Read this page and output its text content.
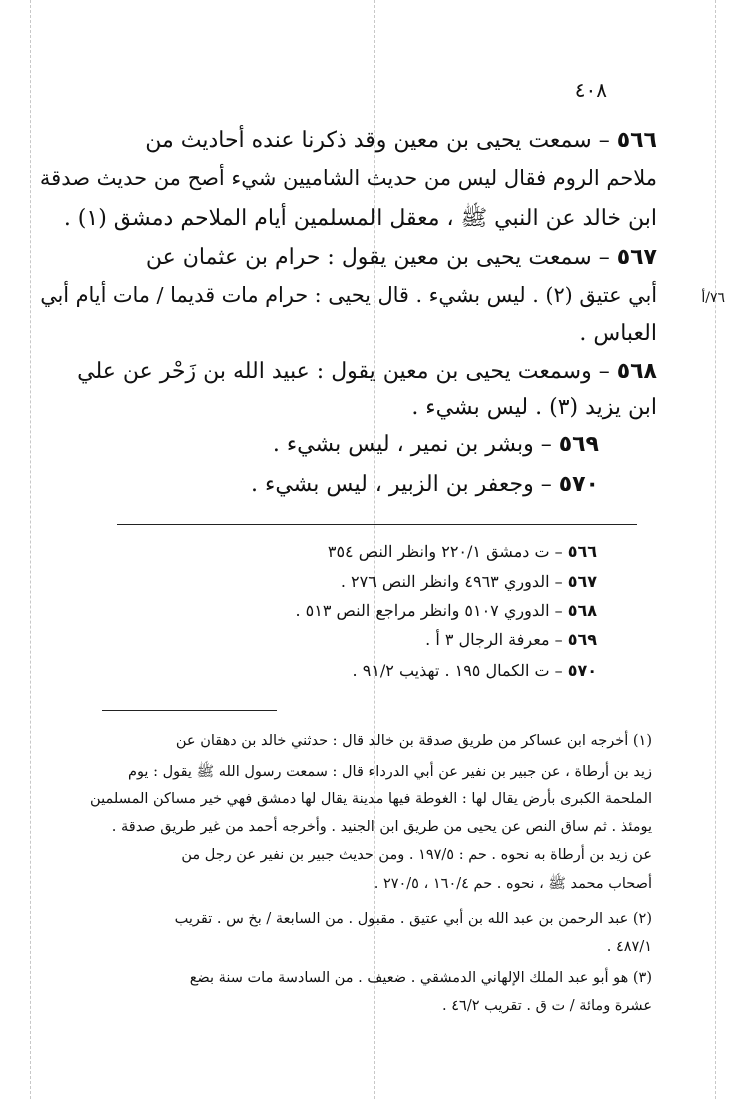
٤٠٨
٥٦٦ – سمعت يحيى بن معين وقد ذكرنا عنده أحاديث من
ملاحم الروم فقال ليس من حديث الشاميين شيء أصح من حديث صدقة
ابن خالد عن النبي ﷺ ، معقل المسلمين أيام الملاحم دمشق (١) .
٥٦٧ – سمعت يحيى بن معين يقول : حرام بن عثمان عن
٧٦/أ
أبي عتيق (٢) . ليس بشيء . قال يحيى : حرام مات قديما / مات أيام أبي
العباس .
٥٦٨ – وسمعت يحيى بن معين يقول : عبيد الله بن زَحْر عن علي
ابن يزيد (٣) . ليس بشيء .
٥٦٩ – وبشر بن نمير ، ليس بشيء .
٥٧٠ – وجعفر بن الزبير ، ليس بشيء .
٥٦٦ – ت دمشق ٢٢٠/١ وانظر النص ٣٥٤
٥٦٧ – الدوري ٤٩٦٣ وانظر النص ٢٧٦ .
٥٦٨ – الدوري ٥١٠٧ وانظر مراجع النص ٥١٣ .
٥٦٩ – معرفة الرجال ٣ أ .
٥٧٠ – ت الكمال ١٩٥ . تهذيب ٩١/٢ .
(١) أخرجه ابن عساكر من طريق صدقة بن خالد قال : حدثني خالد بن دهقان عن
زيد بن أرطاة ، عن جبير بن نفير عن أبي الدرداء قال : سمعت رسول الله ﷺ يقول : يوم
الملحمة الكبرى بأرض يقال لها : الغوطة فيها مدينة يقال لها دمشق فهي خير مساكن المسلمين
يومئذ . ثم ساق النص عن يحيى من طريق ابن الجنيد . وأخرجه أحمد من غير طريق صدقة .
عن زيد بن أرطاة به نحوه . حم : ١٩٧/٥ . ومن حديث جبير بن نفير عن رجل من
أصحاب محمد ﷺ ، نحوه . حم ١٦٠/٤ ، ٢٧٠/٥ .
(٢) عبد الرحمن بن عبد الله بن أبي عتيق . مقبول . من السابعة / بخ س . تقريب
٤٨٧/١ .
(٣) هو أبو عبد الملك الإلهاني الدمشقي . ضعيف . من السادسة مات سنة بضع
عشرة ومائة / ت ق . تقريب ٤٦/٢ .
